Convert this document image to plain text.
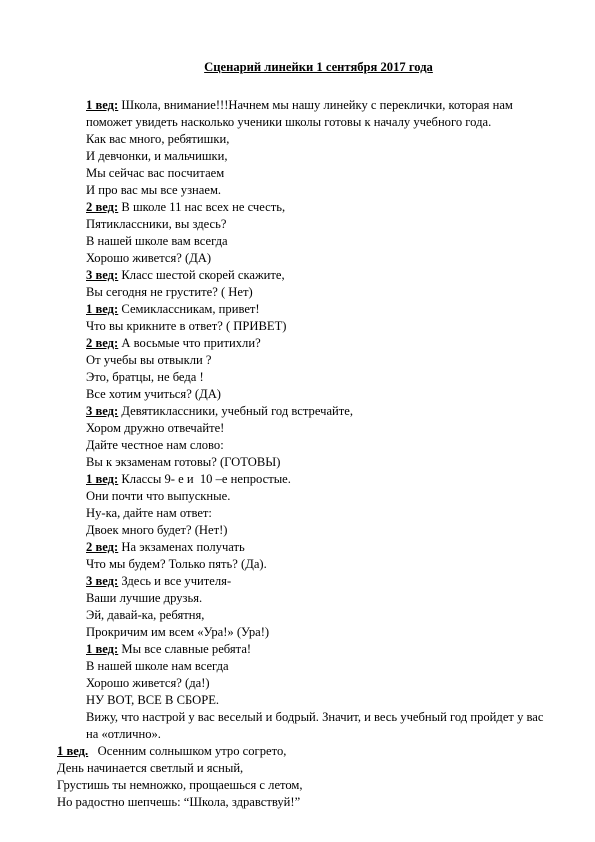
Сценарий линейки 1 сентября 2017 года
1 вед: Школа, внимание!!!Начнем мы нашу линейку с переклички, которая нам поможет увидеть насколько ученики школы готовы к началу учебного года.
Как вас много, ребятишки,
И девчонки, и мальчишки,
Мы сейчас вас посчитаем
И про вас мы все узнаем.
2 вед: В школе 11 нас всех не счесть,
Пятиклассники, вы здесь?
В нашей школе вам всегда
Хорошо живется? (ДА)
3 вед: Класс шестой скорей скажите,
Вы сегодня не грустите? ( Нет)
1 вед: Семиклассникам, привет!
Что вы крикните в ответ? ( ПРИВЕТ)
2 вед: А восьмые что притихли?
От учебы вы отвыкли ?
Это, братцы, не беда !
Все хотим учиться? (ДА)
3 вед: Девятиклассники, учебный год встречайте,
Хором дружно отвечайте!
Дайте честное нам слово:
Вы к экзаменам готовы? (ГОТОВЫ)
1 вед: Классы 9- е и  10 –е непростые.
Они почти что выпускные.
Ну-ка, дайте нам ответ:
Двоек много будет? (Нет!)
2 вед: На экзаменах получать
Что мы будем? Только пять? (Да).
3 вед: Здесь и все учителя-
Ваши лучшие друзья.
Эй, давай-ка, ребятня,
Прокричим им всем «Ура!» (Ура!)
1 вед: Мы все славные ребята!
В нашей школе нам всегда
Хорошо живется? (да!)
НУ ВОТ, ВСЕ В СБОРЕ.
Вижу, что настрой у вас веселый и бодрый. Значит, и весь учебный год пройдет у вас на «отлично».
1 вед.   Осенним солнышком утро согрето,
День начинается светлый и ясный,
Грустишь ты немножко, прощаешься с летом,
Но радостно шепчешь: “Школа, здравствуй!”
